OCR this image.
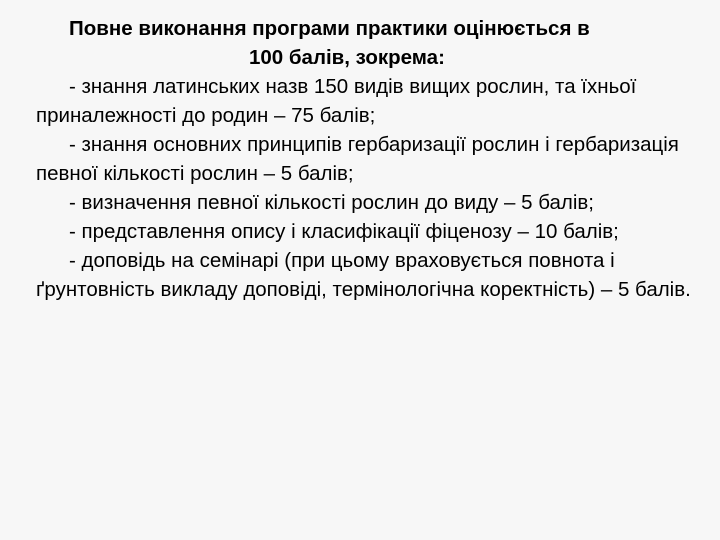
Повне виконання програми практики оцінюється в
100 балів, зокрема:
- знання латинських назв 150 видів вищих рослин, та їхньої приналежності до родин – 75 балів;
- знання основних принципів гербаризації рослин і гербаризація певної кількості рослин – 5 балів;
- визначення певної кількості рослин до виду – 5 балів;
- представлення опису і класифікації фіценозу – 10 балів;
- доповідь на семінарі (при цьому враховується повнота і ґрунтовність викладу доповіді, термінологічна коректність) – 5 балів.
